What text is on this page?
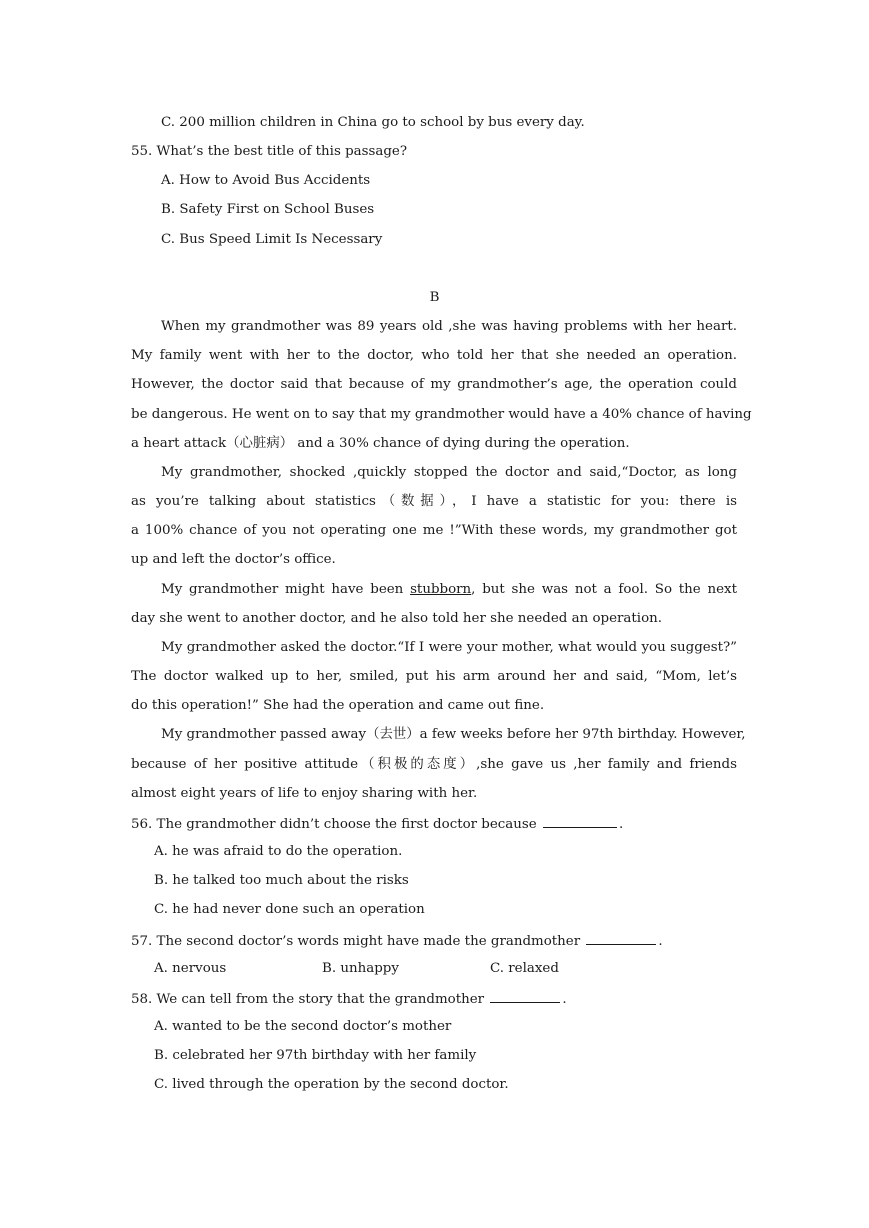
C. 200 million children in China go to school by bus every day.
55. What’s the best title of this passage?
A. How to Avoid Bus Accidents
B. Safety First on School Buses
C. Bus Speed Limit Is Necessary
B
When my grandmother was 89 years old ,she was having problems with her heart.
My family went with her to the doctor, who told her that she needed an operation.
However, the doctor said that because of my grandmother’s age, the operation could
be dangerous. He went on to say that my grandmother would have a 40% chance of having
a heart attack（心脏病） and a 30% chance of dying during the operation.
My grandmother, shocked ,quickly stopped the doctor and said,“Doctor, as long
as you’re talking about statistics（数据），I have a statistic for you: there is
a 100% chance of you not operating one me !”With these words, my grandmother got
up and left the doctor’s office.
My grandmother might have been stubborn, but she was not a fool. So the next
day she went to another doctor, and he also told her she needed an operation.
My grandmother asked the doctor.“If I were your mother, what would you suggest?”
The doctor walked up to her, smiled, put his arm around her and said, “Mom, let’s
do this operation!” She had the operation and came out fine.
My grandmother passed away（去世）a few weeks before her 97th birthday. However,
because of her positive attitude（积极的态度）,she gave us ,her family and friends
almost eight years of life to enjoy sharing with her.
56. The grandmother didn’t choose the first doctor because	.
A. he was afraid to do the operation.
B. he talked too much about the risks
C. he had never done such an operation
57. The second doctor’s words might have made the grandmother	.
A. nervous	B. unhappy	C. relaxed
58. We can tell from the story that the grandmother	.
A. wanted to be the second doctor’s mother
B. celebrated her 97th birthday with her family
C. lived through the operation by the second doctor.
